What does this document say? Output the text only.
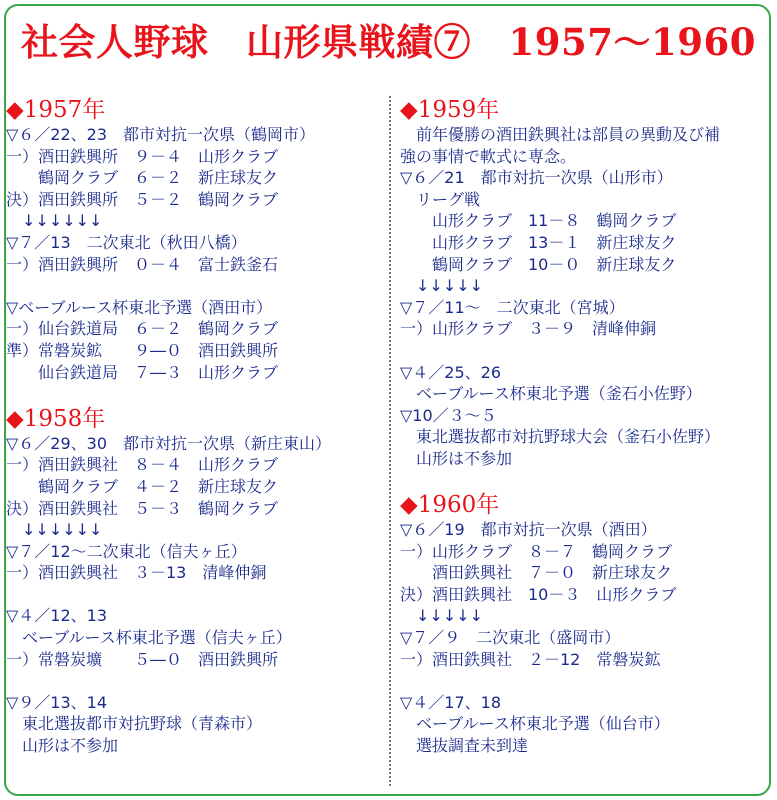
社会人野球　山形県戦績⑦　1957～1960
◆1957年
▽６／22、23　都市対抗一次県（鶴岡市）
一）酒田鉄興所　９－４　山形クラブ
　　鶴岡クラブ　６－２　新庄球友ク
決）酒田鉄興所　５－２　鶴岡クラブ
　↓↓↓↓↓↓
▽７／13　二次東北（秋田八橋）
一）酒田鉄興所　０－４　富士鉄釜石
▽ベーブルース杯東北予選（酒田市）
一）仙台鉄道局　６－２　鶴岡クラブ
準）常磐炭鉱　　９―０　酒田鉄興所
　　仙台鉄道局　７―３　山形クラブ
◆1958年
▽６／29、30　都市対抗一次県（新庄東山）
一）酒田鉄興社　８－４　山形クラブ
　　鶴岡クラブ　４－２　新庄球友ク
決）酒田鉄興社　５－３　鶴岡クラブ
　↓↓↓↓↓↓
▽７／12～二次東北（信夫ヶ丘）
一）酒田鉄興社　３－13　清峰伸銅
▽４／12、13
　ベーブルース杯東北予選（信夫ヶ丘）
一）常磐炭壙　　５―０　酒田鉄興所
▽９／13、14
　東北選抜都市対抗野球（青森市）
　山形は不参加
◆1959年
　前年優勝の酒田鉄興社は部員の異動及び補
強の事情で軟式に専念。
▽６／21　都市対抗一次県（山形市）
　リーグ戦
　　山形クラブ　11－８　鶴岡クラブ
　　山形クラブ　13－１　新庄球友ク
　　鶴岡クラブ　10－０　新庄球友ク
　↓↓↓↓↓
▽７／11～　二次東北（宮城）
一）山形クラブ　３－９　清峰伸銅
▽４／25、26
　ベーブルース杯東北予選（釜石小佐野）
▽10／３～５
　東北選抜都市対抗野球大会（釜石小佐野）
　山形は不参加
◆1960年
▽６／19　都市対抗一次県（酒田）
一）山形クラブ　８－７　鶴岡クラブ
　　酒田鉄興社　７－０　新庄球友ク
決）酒田鉄興社　10－３　山形クラブ
　↓↓↓↓↓
▽７／９　二次東北（盛岡市）
一）酒田鉄興社　２－12　常磐炭鉱
▽４／17、18
　ベーブルース杯東北予選（仙台市）
　選抜調査未到達
